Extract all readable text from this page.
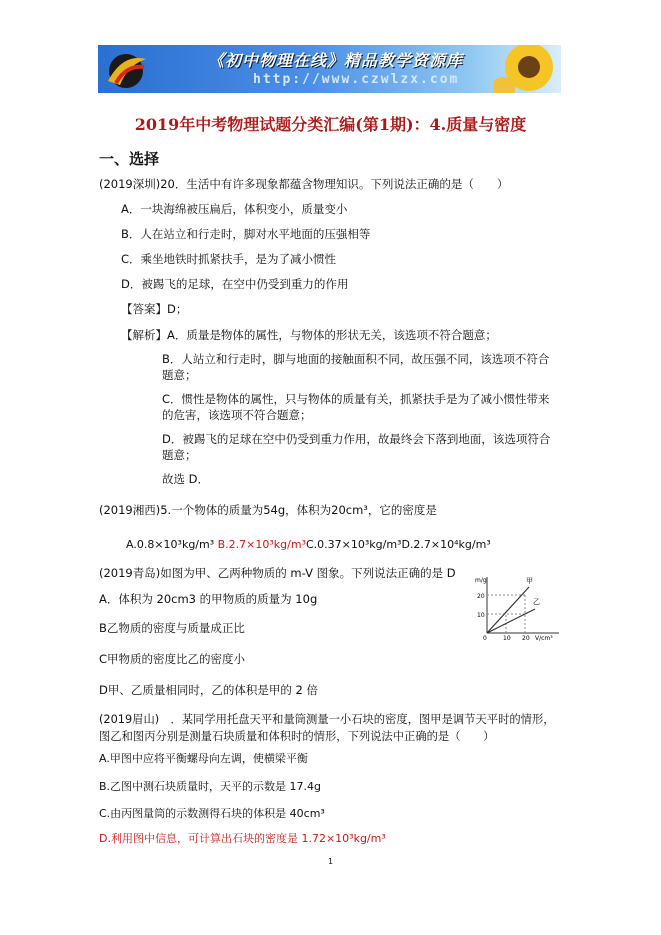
《初中物理在线》精品教学资源库
http://www.czwlzx.com
2019年中考物理试题分类汇编(第1期)：4.质量与密度
一、选择
(2019深圳)20．生活中有许多现象都蕴含物理知识。下列说法正确的是（　　）
A．一块海绵被压扁后，体积变小，质量变小
B．人在站立和行走时，脚对水平地面的压强相等
C．乘坐地铁时抓紧扶手，是为了减小惯性
D．被踢飞的足球，在空中仍受到重力的作用
【答案】D；
【解析】A．质量是物体的属性，与物体的形状无关，该选项不符合题意；
B．人站立和行走时，脚与地面的接触面积不同，故压强不同，该选项不符合
题意；
C．惯性是物体的属性，只与物体的质量有关，抓紧扶手是为了减小惯性带来
的危害，该选项不符合题意；
D．被踢飞的足球在空中仍受到重力作用，故最终会下落到地面，该选项符合
题意；
故选 D．
(2019湘西)5.一个物体的质量为54g，体积为20cm³，它的密度是
A.0.8×10³kg/m³ B.2.7×10³kg/m³C.0.37×10³kg/m³D.2.7×10⁴kg/m³
(2019青岛)如图为甲、乙两种物质的 m-V 图象。下列说法正确的是 D
A．体积为 20cm3 的甲物质的质量为 10g
B乙物质的密度与质量成正比
C甲物质的密度比乙的密度小
D甲、乙质量相同时，乙的体积是甲的 2 倍
m/g
V/cm³
20
10
0	10 20
甲
乙
(2019眉山)　．某同学用托盘天平和量筒测量一小石块的密度，图甲是调节天平时的情形，
图乙和图丙分别是测量石块质量和体积时的情形，下列说法中正确的是（　　）
A.甲图中应将平衡螺母向左调，使横梁平衡
B.乙图中测石块质量时，天平的示数是 17.4g
C.由丙图量筒的示数测得石块的体积是 40cm³
D.利用图中信息，可计算出石块的密度是 1.72×10³kg/m³
1
